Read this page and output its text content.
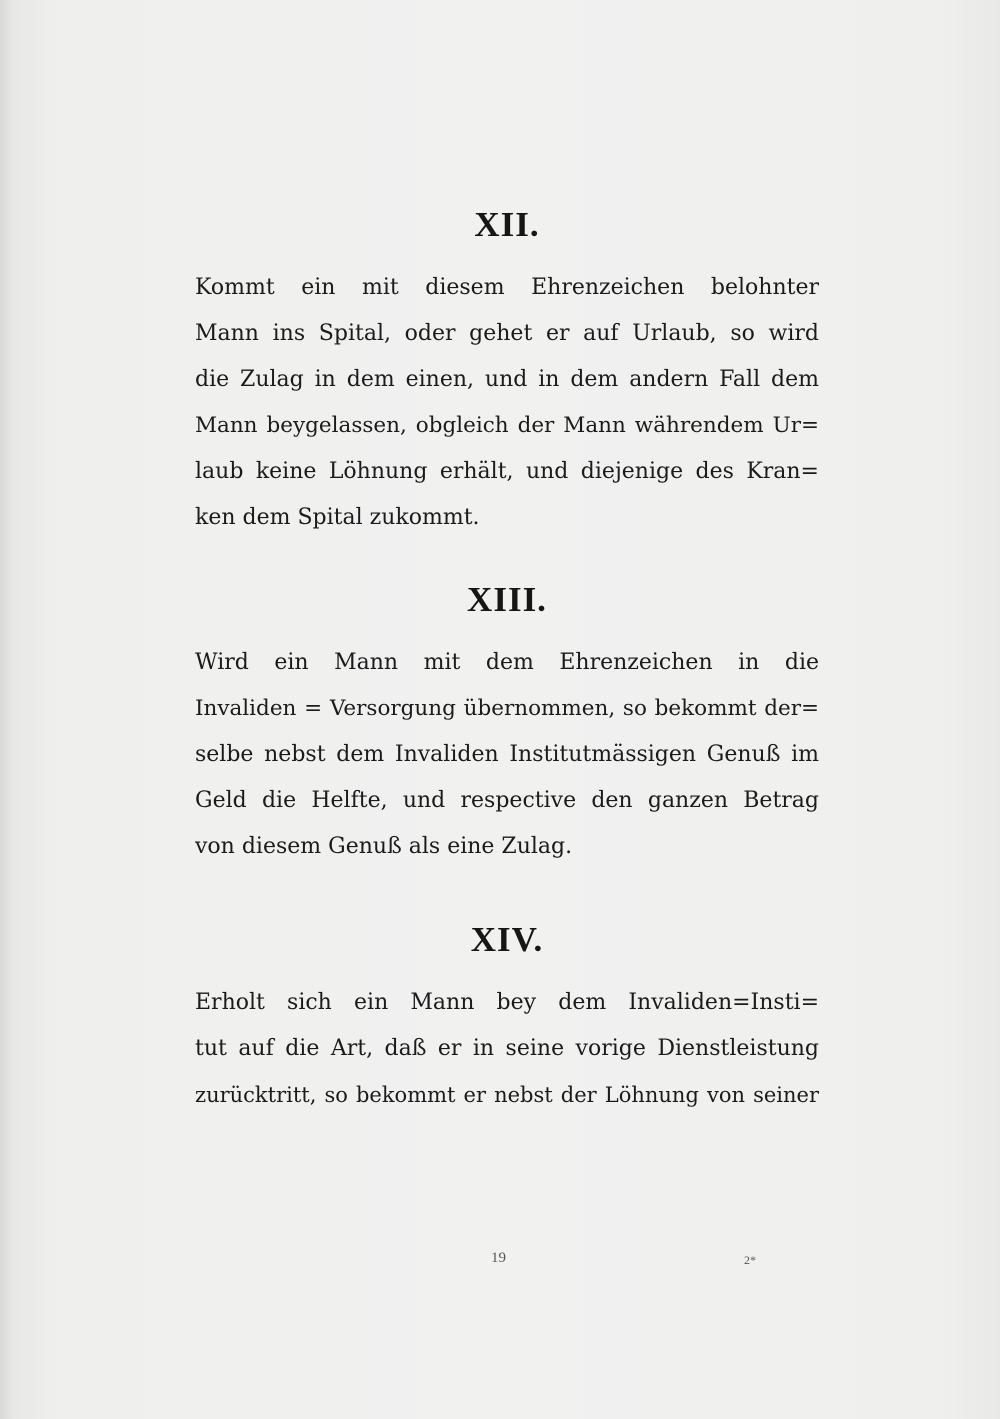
XII.

Kommt ein mit diesem Ehrenzeichen belohnter
Mann ins Spital, oder gehet er auf Urlaub, so wird
die Zulag in dem einen, und in dem andern Fall dem
Mann beygelassen, obgleich der Mann währendem Ur=
laub keine Löhnung erhält, und diejenige des Kran=
ken dem Spital zukommt.

XIII.

Wird ein Mann mit dem Ehrenzeichen in die
Invaliden = Versorgung übernommen, so bekommt der=
selbe nebst dem Invaliden Institutmässigen Genuß im
Geld die Helfte, und respective den ganzen Betrag
von diesem Genuß als eine Zulag.

XIV.

Erholt sich ein Mann bey dem Invaliden=Insti=
tut auf die Art, daß er in seine vorige Dienstleistung
zurücktritt, so bekommt er nebst der Löhnung von seiner

19	2*
